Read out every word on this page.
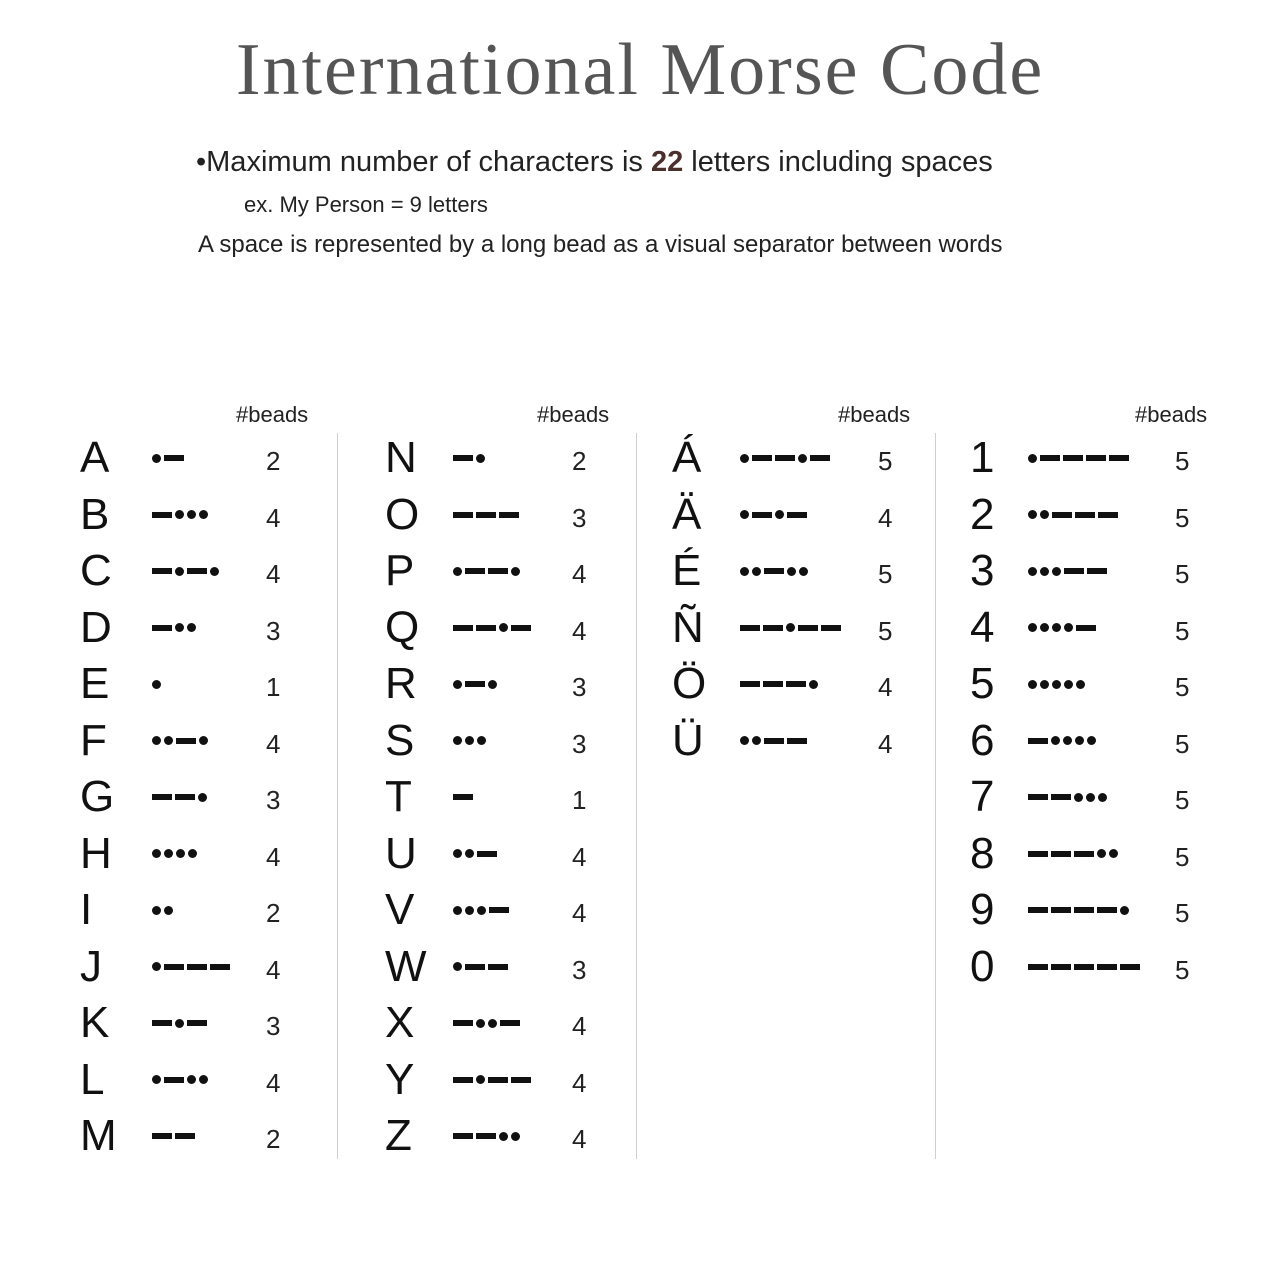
International Morse Code
•Maximum number of characters is 22 letters including spaces
ex. My Person = 9 letters
A space is represented by a long bead as a visual separator between words
#beads
A	2
B	4
C	4
D	3
E	1
F	4
G	3
H	4
I	2
J	4
K	3
L	4
M	2
#beads
N	2
O	3
P	4
Q	4
R	3
S	3
T	1
U	4
V	4
W	3
X	4
Y	4
Z	4
#beads
Á	5
Ä	4
É	5
Ñ	5
Ö	4
Ü	4
#beads
1	5
2	5
3	5
4	5
5	5
6	5
7	5
8	5
9	5
0	5
